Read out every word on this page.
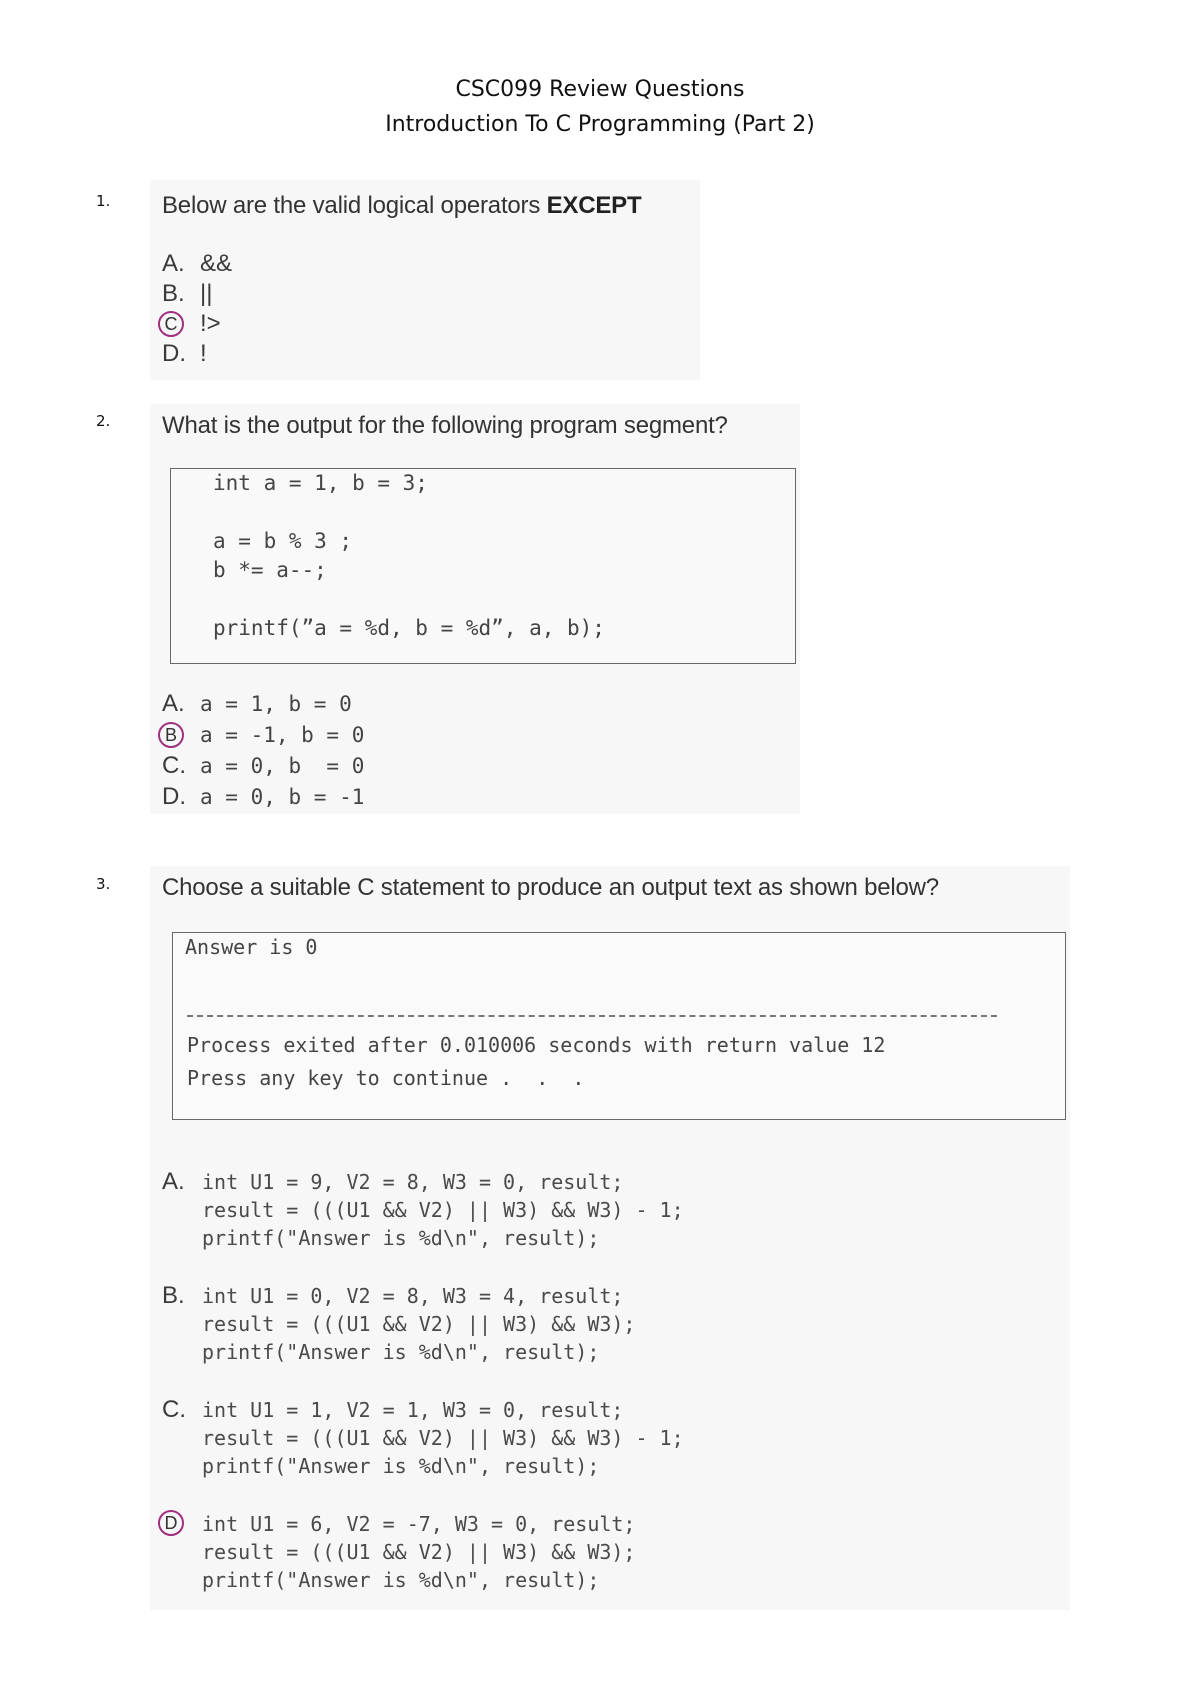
CSC099 Review Questions
Introduction To C Programming (Part 2)
1. Below are the valid logical operators EXCEPT
A. &&
B. ||
C !>
D. !
2. What is the output for the following program segment?
int a = 1, b = 3;
a = b % 3 ;
b *= a--;
printf(”a = %d, b = %d”, a, b);
A. a = 1, b = 0
B	a = -1, b = 0
C. a = 0, b  = 0
D. a = 0, b = -1
3. Choose a suitable C statement to produce an output text as shown below?
Answer is 0
Process exited after 0.010006 seconds with return value 12
Press any key to continue .  .  .
A. int U1 = 9, V2 = 8, W3 = 0, result;
result = (((U1 && V2) || W3) && W3) - 1;
printf("Answer is %d\n", result);
B. int U1 = 0, V2 = 8, W3 = 4, result;
result = (((U1 && V2) || W3) && W3);
printf("Answer is %d\n", result);
C. int U1 = 1, V2 = 1, W3 = 0, result;
result = (((U1 && V2) || W3) && W3) - 1;
printf("Answer is %d\n", result);
D	int U1 = 6, V2 = -7, W3 = 0, result;
result = (((U1 && V2) || W3) && W3);
printf("Answer is %d\n", result);
